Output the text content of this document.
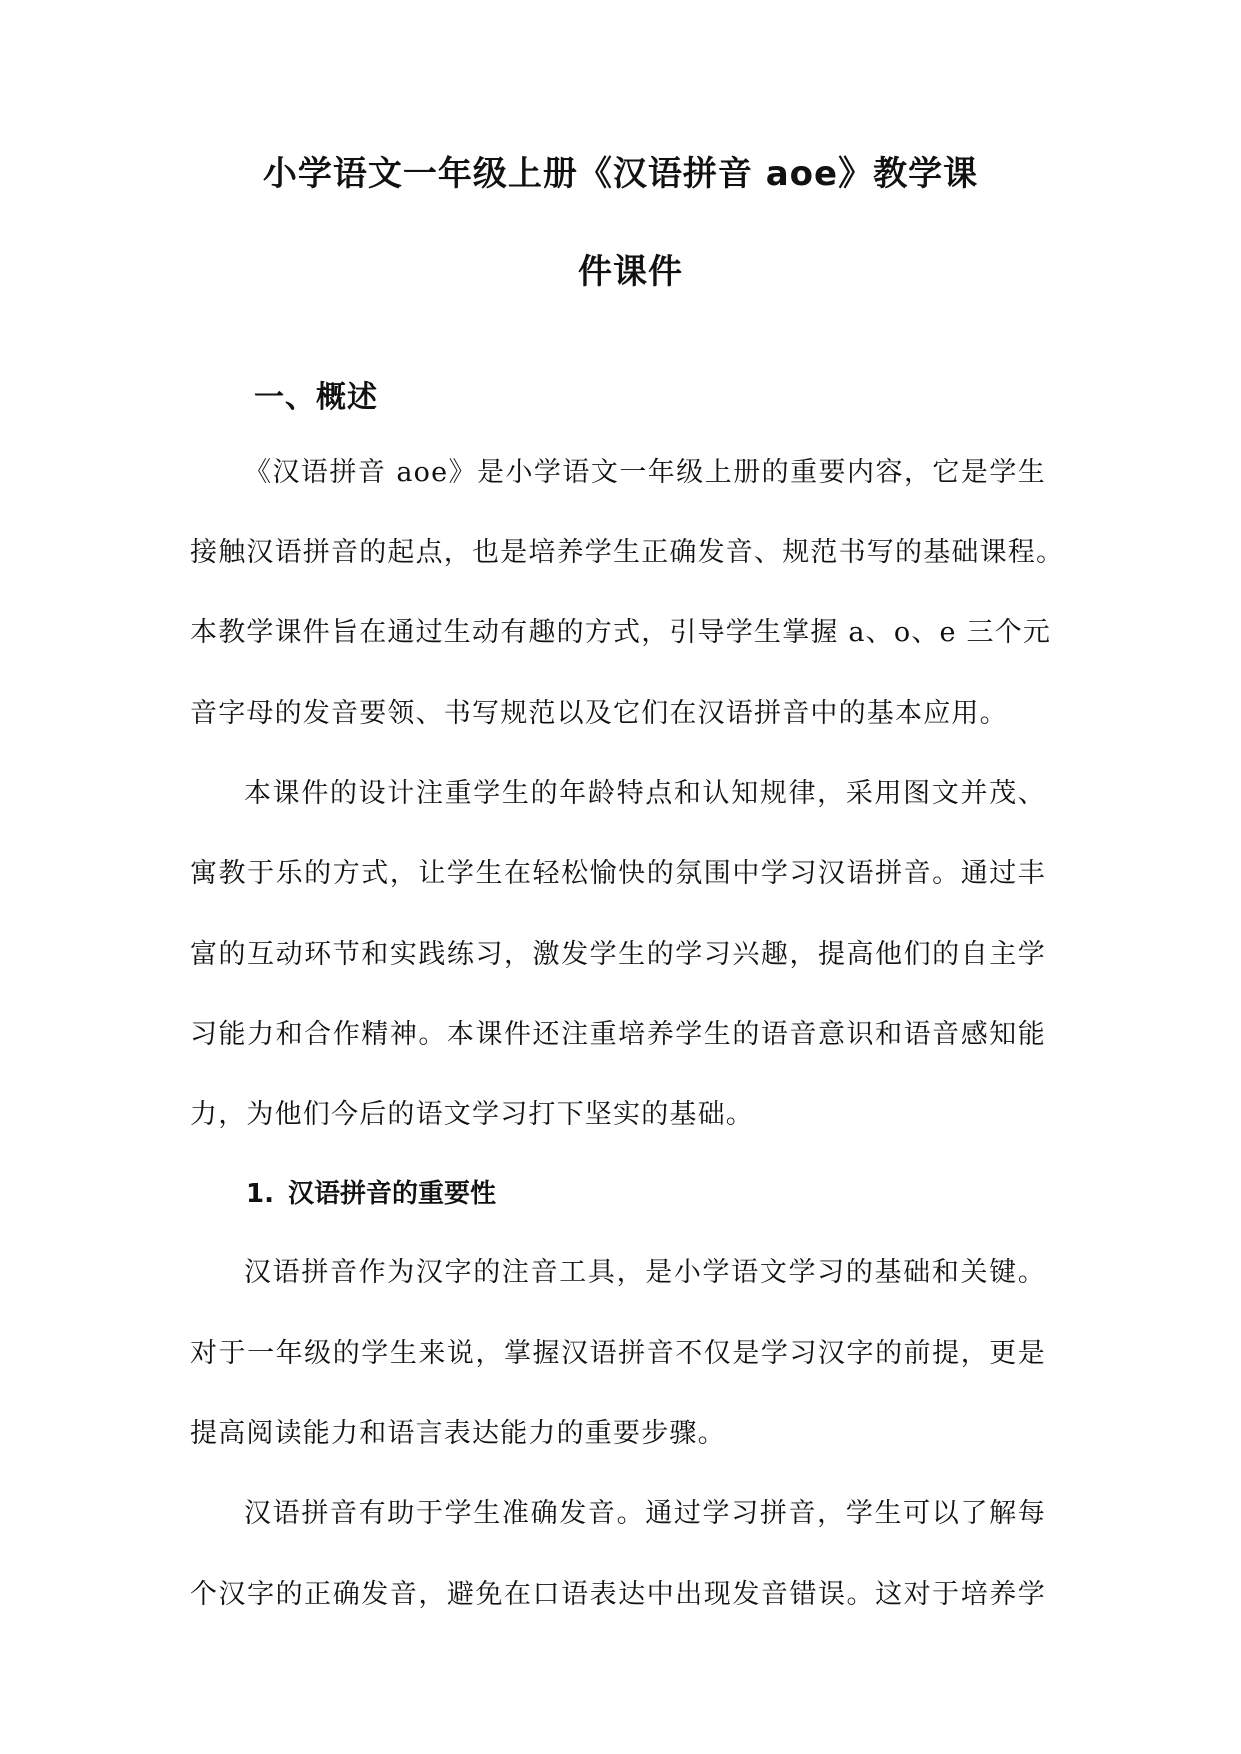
小学语文一年级上册《汉语拼音 aoe》教学课
件课件
一、概述
《汉语拼音 aoe》是小学语文一年级上册的重要内容，它是学生
接触汉语拼音的起点，也是培养学生正确发音、规范书写的基础课程。
本教学课件旨在通过生动有趣的方式，引导学生掌握 a、o、e 三个元
音字母的发音要领、书写规范以及它们在汉语拼音中的基本应用。
本课件的设计注重学生的年龄特点和认知规律，采用图文并茂、
寓教于乐的方式，让学生在轻松愉快的氛围中学习汉语拼音。通过丰
富的互动环节和实践练习，激发学生的学习兴趣，提高他们的自主学
习能力和合作精神。本课件还注重培养学生的语音意识和语音感知能
力，为他们今后的语文学习打下坚实的基础。
1. 汉语拼音的重要性
汉语拼音作为汉字的注音工具，是小学语文学习的基础和关键。
对于一年级的学生来说，掌握汉语拼音不仅是学习汉字的前提，更是
提高阅读能力和语言表达能力的重要步骤。
汉语拼音有助于学生准确发音。通过学习拼音，学生可以了解每
个汉字的正确发音，避免在口语表达中出现发音错误。这对于培养学
